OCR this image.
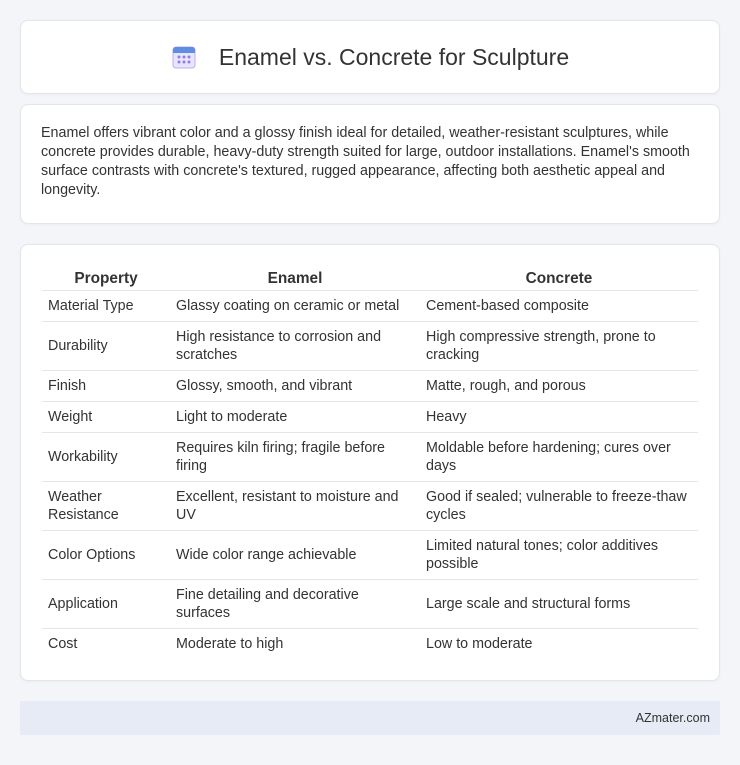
Enamel vs. Concrete for Sculpture

Enamel offers vibrant color and a glossy finish ideal for detailed, weather-resistant sculptures, while concrete provides durable, heavy-duty strength suited for large, outdoor installations. Enamel's smooth surface contrasts with concrete's textured, rugged appearance, affecting both aesthetic appeal and longevity.

Property	Enamel	Concrete
Material Type	Glassy coating on ceramic or metal	Cement-based composite
Durability	High resistance to corrosion and scratches	High compressive strength, prone to cracking
Finish	Glossy, smooth, and vibrant	Matte, rough, and porous
Weight	Light to moderate	Heavy
Workability	Requires kiln firing; fragile before firing	Moldable before hardening; cures over days
Weather Resistance	Excellent, resistant to moisture and UV	Good if sealed; vulnerable to freeze-thaw cycles
Color Options	Wide color range achievable	Limited natural tones; color additives possible
Application	Fine detailing and decorative surfaces	Large scale and structural forms
Cost	Moderate to high	Low to moderate
AZmater.com
